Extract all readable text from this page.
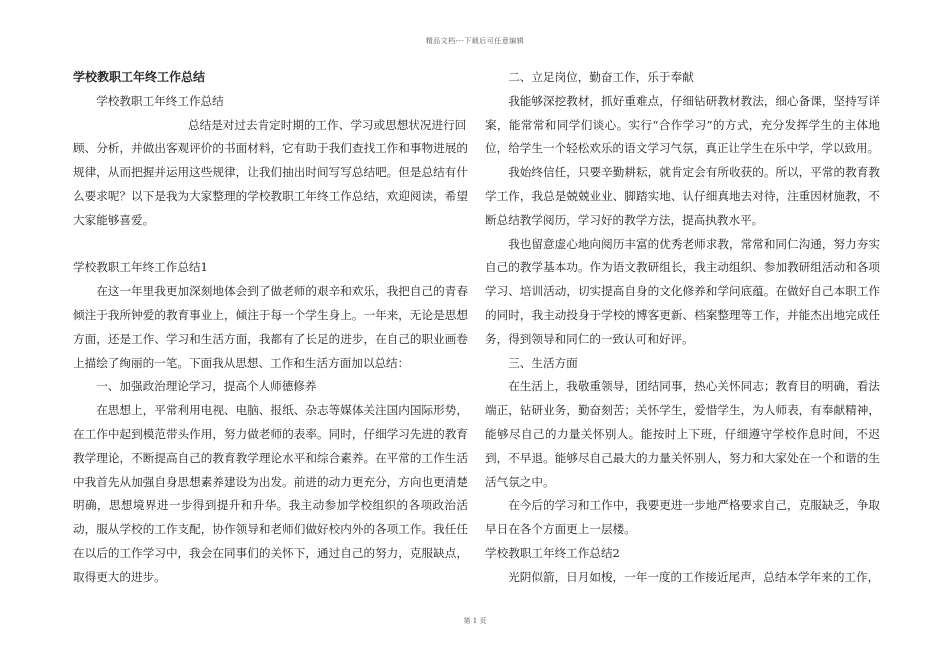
精品文档---下载后可任意编辑

学校教职工年终工作总结

学校教职工年终工作总结

总结是对过去肯定时期的工作、学习或思想状况进行回

顾、分析，并做出客观评价的书面材料，它有助于我们查找工作和事物进展的规律，从而把握并运用这些规律，让我们抽出时间写写总结吧。但是总结有什么要求呢？以下是我为大家整理的学校教职工年终工作总结，欢迎阅读，希望大家能够喜爱。

学校教职工年终工作总结1

在这一年里我更加深刻地体会到了做老师的艰辛和欢乐，我把自己的青春倾注于我所钟爱的教育事业上，倾注于每一个学生身上。一年来，无论是思想方面，还是工作、学习和生活方面，我都有了长足的进步，在自己的职业画卷上描绘了绚丽的一笔。下面我从思想、工作和生活方面加以总结：

一、加强政治理论学习，提高个人师德修养

在思想上，平常利用电视、电脑、报纸、杂志等媒体关注国内国际形势，在工作中起到模范带头作用，努力做老师的表率。同时，仔细学习先进的教育教学理论，不断提高自己的教育教学理论水平和综合素养。在平常的工作生活中我首先从加强自身思想素养建设为出发。前进的动力更充分，方向也更清楚明确，思想境界进一步得到提升和升华。我主动参加学校组织的各项政治活动，服从学校的工作支配，协作领导和老师们做好校内外的各项工作。我任任在以后的工作学习中，我会在同事们的关怀下，通过自己的努力，克服缺点，取得更大的进步。

二、立足岗位，勤奋工作，乐于奉献

我能够深挖教材，抓好重难点，仔细钻研教材教法，细心备课，坚持写详案，能常常和同学们谈心。实行“合作学习”的方式，充分发挥学生的主体地位，给学生一个轻松欢乐的语文学习气氛，真正让学生在乐中学，学以致用。

我始终信任，只要辛勤耕耘，就肯定会有所收获的。所以，平常的教育教学工作，我总是兢兢业业、脚踏实地、认仔细真地去对待，注重因材施教，不断总结教学阅历，学习好的教学方法，提高执教水平。

我也留意虚心地向阅历丰富的优秀老师求教，常常和同仁沟通，努力夯实自己的教学基本功。作为语文教研组长，我主动组织、参加教研组活动和各项学习、培训活动，切实提高自身的文化修养和学问底蕴。在做好自己本职工作的同时，我主动投身于学校的博客更新、档案整理等工作，并能杰出地完成任务，得到领导和同仁的一致认可和好评。

三、生活方面

在生活上，我敬重领导，团结同事，热心关怀同志；教育目的明确，看法端正，钻研业务，勤奋刻苦；关怀学生，爱惜学生，为人师表，有奉献精神，能够尽自己的力量关怀别人。能按时上下班，仔细遵守学校作息时间，不迟到，不早退。能够尽自己最大的力量关怀别人，努力和大家处在一个和谐的生活气氛之中。

在今后的学习和工作中，我要更进一步地严格要求自己，克服缺乏，争取早日在各个方面更上一层楼。

学校教职工年终工作总结2

光阴似箭，日月如梭，一年一度的工作接近尾声，总结本学年来的工作，

第 1 页
